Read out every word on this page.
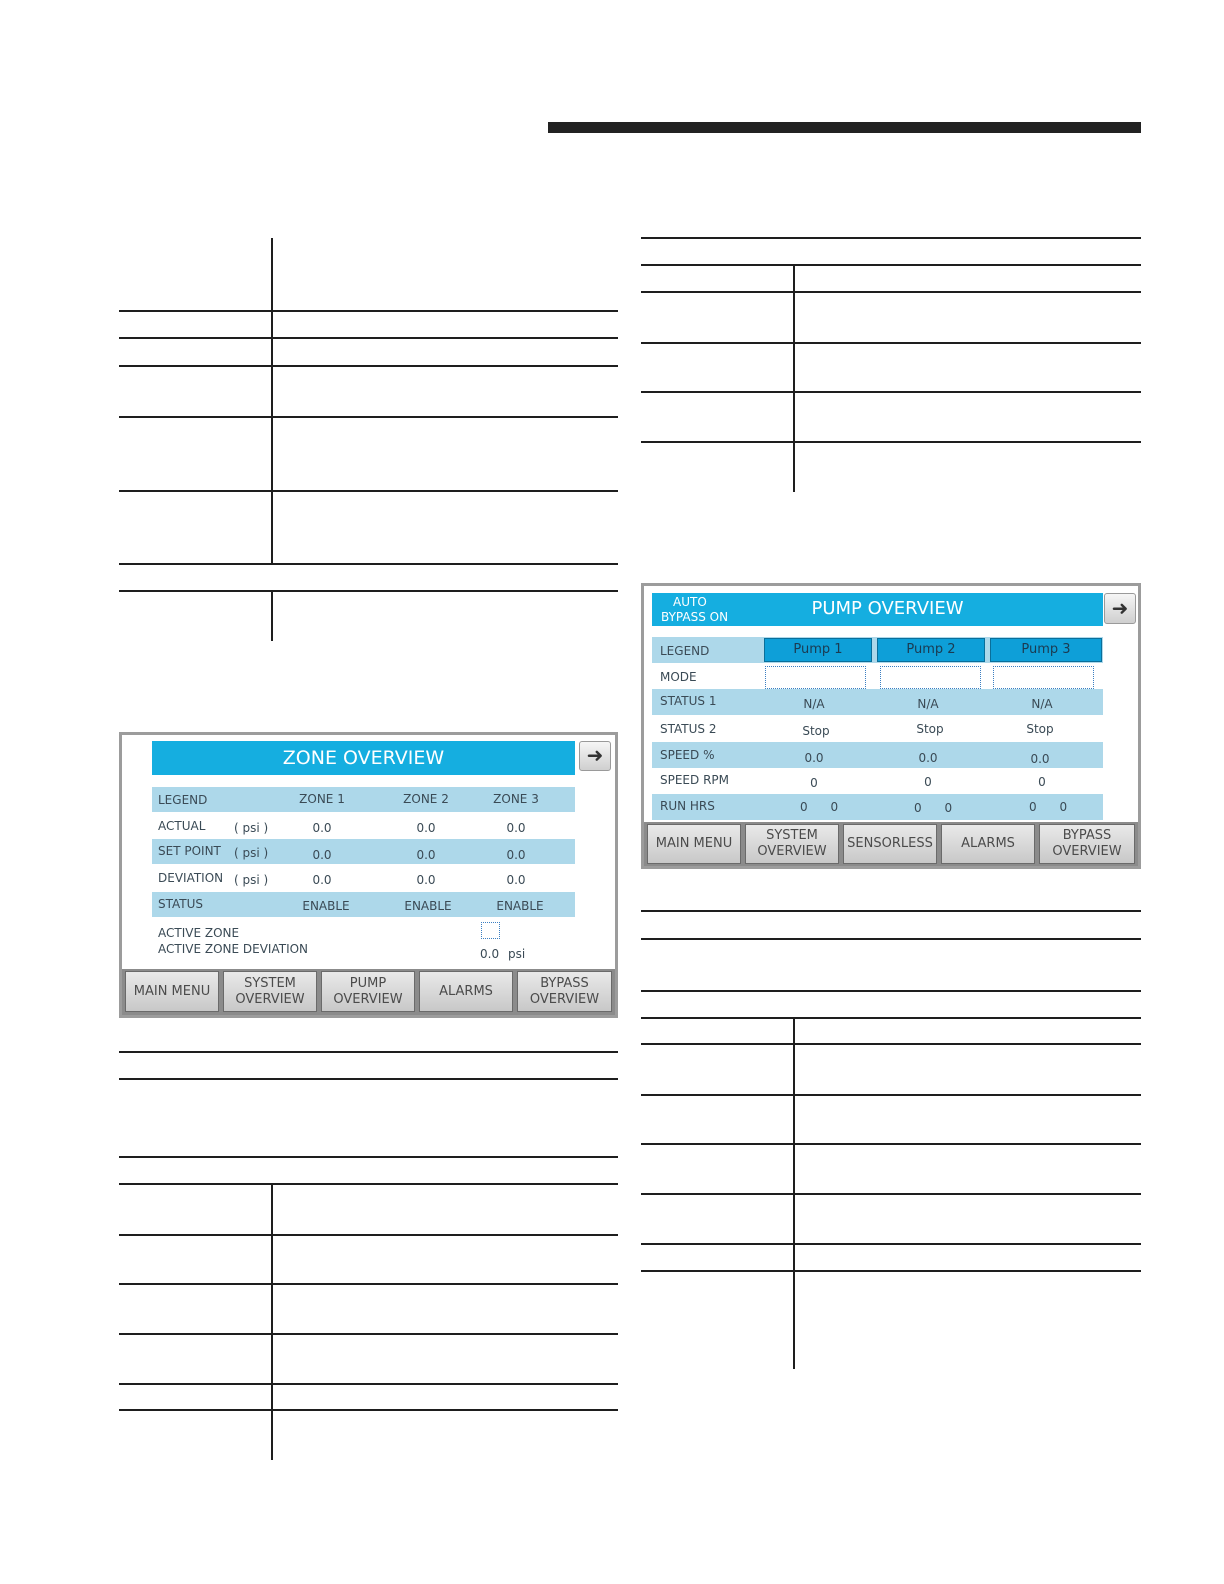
ZONE OVERVIEW	➜
LEGEND	ZONE 1	ZONE 2	ZONE 3
ACTUAL ( psi )	0.0	0.0	0.0
SET POINT ( psi )	0.0	0.0	0.0
DEVIATION ( psi )	0.0	0.0	0.0
STATUS	ENABLE	ENABLE	ENABLE
ACTIVE ZONE
ACTIVE ZONE DEVIATION	0.0 psi
MAIN MENU
SYSTEM
OVERVIEW
PUMP
OVERVIEW
ALARMS
BYPASS
OVERVIEW
AUTO
BYPASS ON	PUMP OVERVIEW	➜
LEGEND	Pump 1	Pump 2	Pump 3
MODE
STATUS 1	N/A	N/A	N/A
STATUS 2	Stop	Stop	Stop
SPEED %	0.0	0.0	0.0
SPEED RPM	0	0	0
RUN HRS	0      0	0      0	0      0
MAIN MENU
SYSTEM
OVERVIEW
SENSORLESS ALARMS
BYPASS
OVERVIEW
